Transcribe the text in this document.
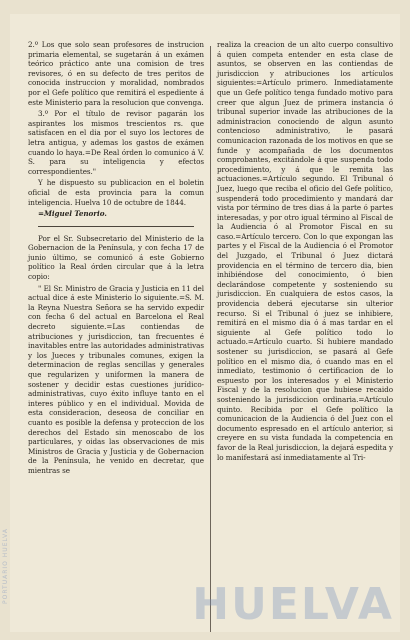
2.º Los que solo sean profesores de instrucion primaria elemental, se sugetarán á un exámen teórico práctico ante una comision de tres revisores, ó en su defecto de tres peritos de conocida instruccion y moralidad, nombrados por el Gefe político que remitirá el espediente á este Ministerio para la resolucion que convenga.

3.º Por el título de revisor pagarán los aspirantes los mismos trescientos rs. que satisfacen en el dia por el suyo los lectores de letra antigua, y ademas los gastos de exámen cuando lo haya.=De Real órden lo comunico á V. S. para su inteligencia y efectos correspondientes."

Y he dispuesto su publicacion en el boletin oficial de esta provincia para la comun inteligencia. Huelva 10 de octubre de 1844.

=Miguel Tenorio.

Por el Sr. Subsecretario del Ministerio de la Gobernacion de la Península, y con fecha 17 de junio último, se comunicó á este Gobierno político la Real órden circular que á la letra copio:

" El Sr. Ministro de Gracia y Justicia en 11 del actual dice á este Ministerio lo siguiente.=S. M. la Reyna Nuestra Señora se ha servido expedir con fecha 6 del actual en Barcelona el Real decreto siguiente.=Las contiendas de atribuciones y jurisdiccion, tan frecuentes é inavitables entre las autoridades administrativas y los Jueces y tribunales comunes, exigen la determinacion de reglas sencillas y generales que regularizen y uniformen la manera de sostener y decidir estas cuestiones jurídico-administrativas, cuyo éxito influye tanto en el interes público y en el individual. Movida de esta consideracion, deseosa de conciliar en cuanto es posible la defensa y proteccion de los derechos del Estado sin menoscabo de los particulares, y oidas las observaciones de mis Ministros de Gracia y Justicia y de Gobernacion de la Península, he venido en decretar, que mientras se

realiza la creacion de un alto cuerpo consultivo á quien competa entender en esta clase de asuntos, se observen en las contiendas de jurisdiccion y atribuciones los artículos siguientes:=Artículo primero. Inmediatamente que un Gefe político tenga fundado motivo para creer que algun Juez de primera instancia ó tribunal superior invade las atribuciones de la administracion conociendo de algun asunto contencioso administrativo, le pasará comunicacion razonada de los motivos en que se funde y acompañada de los documentos comprobantes, excitándole á que suspenda todo procedimiento, y á que le remita las actuaciones.=Artículo segundo. El Tribunal ó Juez, luego que reciba el oficio del Gefe político, suspenderá todo procedimiento y mandará dar vista por término de tres dias á la parte ó partes interesadas, y por otro igual término al Fiscal de la Audiencia ó al Promotor Fiscal en su caso.=Artículo tercero. Con lo que expongan las partes y el Fiscal de la Audiencia ó el Promotor del Juzgado, el Tribunal ó Juez dictará providencia en el término de tercero dia, bien inhibiéndose del conocimiento, ó bien declarándose competente y sosteniendo su jurisdiccion. En cualquiera de estos casos, la providencia deberá ejecutarse sin ulterior recurso. Si el Tribunal ó juez se inhibiere, remitirá en el mismo dia ó á mas tardar en el siguiente al Gefe político todo lo actuado.=Artículo cuarto. Si hubiere mandado sostener su jurisdiccion, se pasará al Gefe político en el mismo dia, ó cuando mas en el inmediato, testimonio ó certificacion de lo espuesto por los interesados y el Ministerio Fiscal y de la resolucion que hubiese recaido sosteniendo la jurisdiccion ordinaria.=Artículo quinto. Recibida por el Gefe político la comunicacion de la Audiencia ó del Juez con el documento espresado en el artículo anterior, si creyere en su vista fundada la competencia en favor de la Real jurisdiccion, la dejará espedita y lo manifestará así inmediatamente al Tri-

PORTUARIO HUELVA
HUELVA
